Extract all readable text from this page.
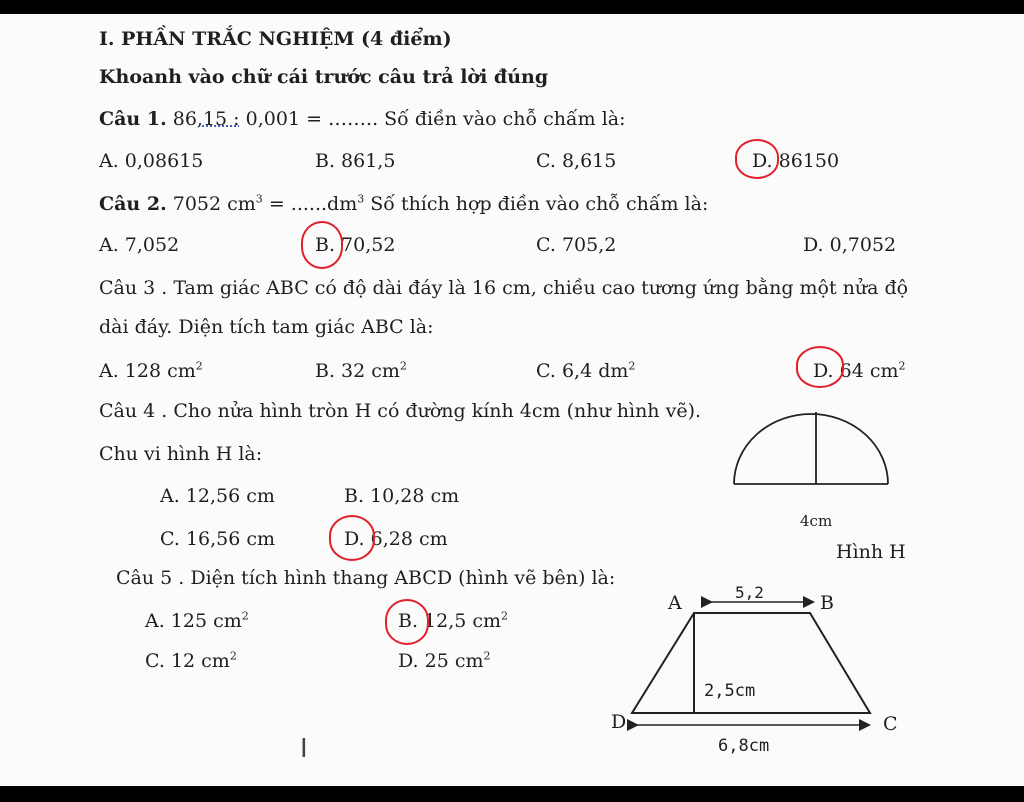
I. PHẦN TRẮC NGHIỆM (4 điểm)
Khoanh vào chữ cái trước câu trả lời đúng
Câu 1. 86,15 : 0,001 = …….. Số điền vào chỗ chấm là:
A. 0,08615	B. 861,5	C. 8,615	D. 86150
Câu 2. 7052 $cm^3 = ......dm^3$ Số thích hợp điền vào chỗ chấm là:
A. 7,052	B. 70,52	C. 705,2	D. 0,7052
Câu 3 . Tam giác ABC có độ dài đáy là 16 cm, chiều cao tương ứng bằng một nửa độ
dài đáy. Diện tích tam giác ABC là:
A. 128 $cm^2$	B. 32 $cm^2$	C. 6,4 $dm^2$	D. 64 $cm^2$
Câu 4 . Cho nửa hình tròn H có đường kính 4cm (như hình vẽ).
Chu vi hình H là:
A. 12,56 cm	B. 10,28 cm
C. 16,56 cm	D. 6,28 cm
4cm
Hình H
Câu 5 . Diện tích hình thang ABCD (hình vẽ bên) là:
A. 125 $cm^2$	B. 12,5 $cm^2$
C. 12 $cm^2$	D. 25 $cm^2$
A	B
C
D
5,2
2,5cm
6,8cm
I
